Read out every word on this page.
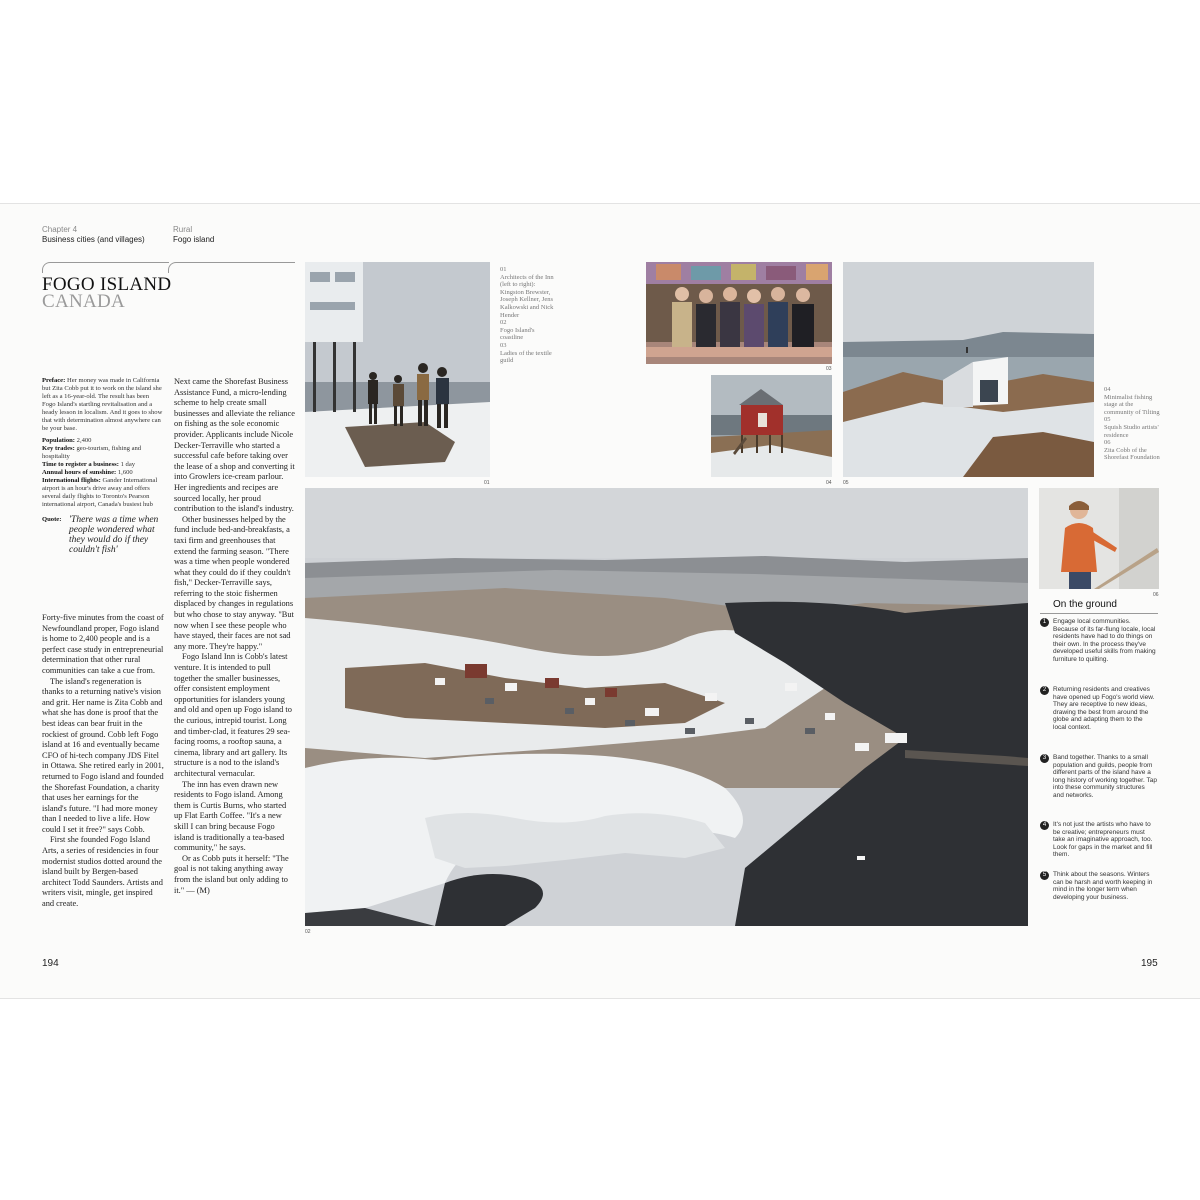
Chapter 4
Business cities (and villages)
Rural
Fogo island
FOGO ISLAND
CANADA
Preface: Her money was made in California but Zita Cobb put it to work on the island she left as a 16-year-old. The result has been Fogo Island's startling revitalisation and a heady lesson in localism. And it goes to show that with determination almost anywhere can be your base.
Population: 2,400
Key trades: geo-tourism, fishing and hospitality
Time to register a business: 1 day
Annual hours of sunshine: 1,600
International flights: Gander International airport is an hour's drive away and offers several daily flights to Toronto's Pearson international airport, Canada's busiest hub
Quote: 'There was a time when people wondered what they would do if they couldn't fish'

Forty-five minutes from the coast of Newfoundland proper, Fogo island is home to 2,400 people and is a perfect case study in entrepreneurial determination that other rural communities can take a cue from.

The island's regeneration is thanks to a returning native's vision and grit. Her name is Zita Cobb and what she has done is proof that the best ideas can bear fruit in the rockiest of ground. Cobb left Fogo island at 16 and eventually became CFO of hi-tech company JDS Fitel in Ottawa. She retired early in 2001, returned to Fogo island and founded the Shorefast Foundation, a charity that uses her earnings for the island's future. "I had more money than I needed to live a life. How could I set it free?" says Cobb.

First she founded Fogo Island Arts, a series of residencies in four modernist studios dotted around the island built by Bergen-based architect Todd Saunders. Artists and writers visit, mingle, get inspired and create.

Next came the Shorefast Business Assistance Fund, a micro-lending scheme to help create small businesses and alleviate the reliance on fishing as the sole economic provider. Applicants include Nicole Decker-Terraville who started a successful cafe before taking over the lease of a shop and converting it into Growlers ice-cream parlour. Her ingredients and recipes are sourced locally, her proud contribution to the island's industry.

Other businesses helped by the fund include bed-and-breakfasts, a taxi firm and greenhouses that extend the farming season. "There was a time when people wondered what they could do if they couldn't fish," Decker-Terraville says, referring to the stoic fishermen displaced by changes in regulations but who chose to stay anyway. "But now when I see these people who have stayed, their faces are not sad any more. They're happy."

Fogo Island Inn is Cobb's latest venture. It is intended to pull together the smaller businesses, offer consistent employment opportunities for islanders young and old and open up Fogo island to the curious, intrepid tourist. Long and timber-clad, it features 29 sea-facing rooms, a rooftop sauna, a cinema, library and art gallery. Its structure is a nod to the island's architectural vernacular.

The inn has even drawn new residents to Fogo island. Among them is Curtis Burns, who started up Flat Earth Coffee. "It's a new skill I can bring because Fogo island is traditionally a tea-based community," he says.

Or as Cobb puts it herself: "The goal is not taking anything away from the island but only adding to it." — (M)

01
01
Architects of the Inn (left to right): Kingston Brewster, Joseph Kellner, Jens Kalkowski and Nick Hender
02
Fogo Island's coastline
03
Ladies of the textile guild
03
04 05
04
Minimalist fishing stage at the community of Tilting
05
Squish Studio artists' residence
06
Zita Cobb of the Shorefast Foundation
02
06
On the ground
1	Engage local communities. Because of its far-flung locale, local residents have had to do things on their own. In the process they've developed useful skills from making furniture to quilting.
2	Returning residents and creatives have opened up Fogo's world view. They are receptive to new ideas, drawing the best from around the globe and adapting them to the local context.
3	Band together. Thanks to a small population and guilds, people from different parts of the island have a long history of working together. Tap into these community structures and networks.
4	It's not just the artists who have to be creative; entrepreneurs must take an imaginative approach, too. Look for gaps in the market and fill them.
5	Think about the seasons. Winters can be harsh and worth keeping in mind in the longer term when developing your business.
194	195
